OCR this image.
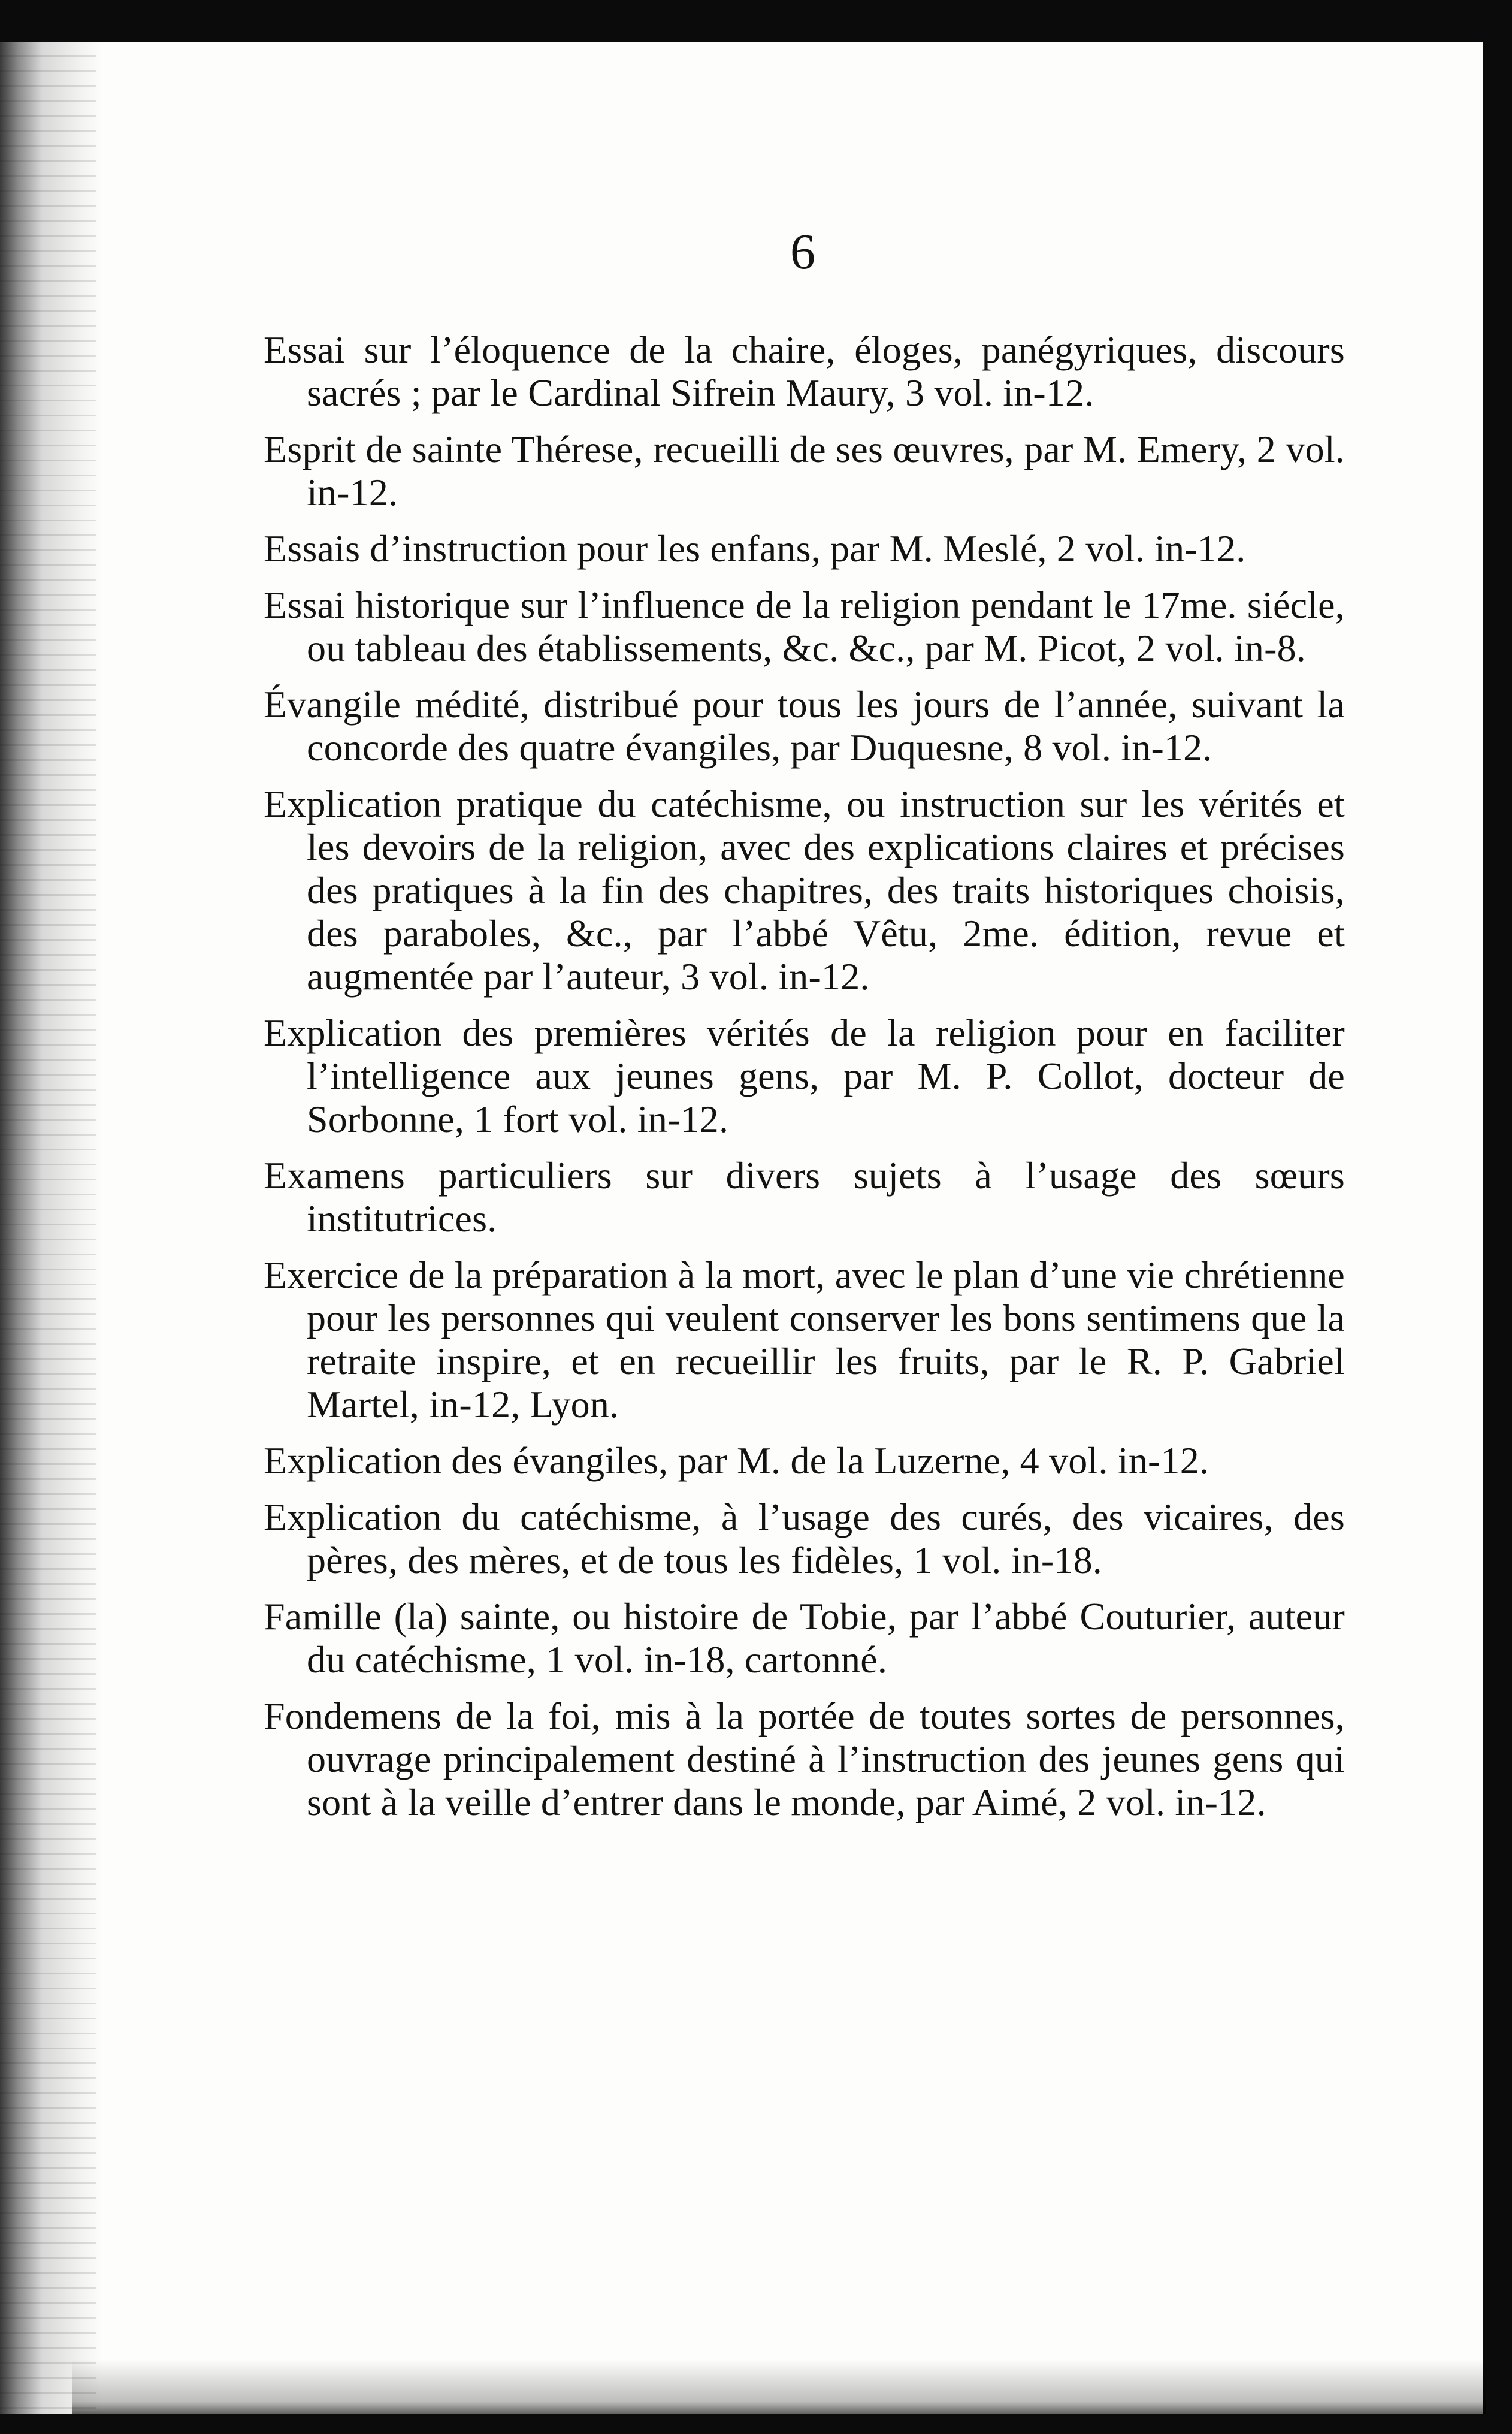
6

Essai sur l’éloquence de la chaire, éloges, panégyriques, discours sacrés ; par le Cardinal Sifrein Maury, 3 vol. in-12.

Esprit de sainte Thérese, recueilli de ses œuvres, par M. Emery, 2 vol. in-12.

Essais d’instruction pour les enfans, par M. Meslé, 2 vol. in-12.

Essai historique sur l’influence de la religion pendant le 17me. siécle, ou tableau des établissements, &c. &c., par M. Picot, 2 vol. in-8.

Évangile médité, distribué pour tous les jours de l’année, suivant la concorde des quatre évangiles, par Duquesne, 8 vol. in-12.

Explication pratique du catéchisme, ou instruction sur les vérités et les devoirs de la religion, avec des explications claires et précises des pratiques à la fin des chapitres, des traits historiques choisis, des paraboles, &c., par l’abbé Vêtu, 2me. édition, revue et augmentée par l’auteur, 3 vol. in-12.

Explication des premières vérités de la religion pour en faciliter l’intelligence aux jeunes gens, par M. P. Collot, docteur de Sorbonne, 1 fort vol. in-12.

Examens particuliers sur divers sujets à l’usage des sœurs institutrices.

Exercice de la préparation à la mort, avec le plan d’une vie chrétienne pour les personnes qui veulent conserver les bons sentimens que la retraite inspire, et en recueillir les fruits, par le R. P. Gabriel Martel, in-12, Lyon.

Explication des évangiles, par M. de la Luzerne, 4 vol. in-12.

Explication du catéchisme, à l’usage des curés, des vicaires, des pères, des mères, et de tous les fidèles, 1 vol. in-18.

Famille (la) sainte, ou histoire de Tobie, par l’abbé Couturier, auteur du catéchisme, 1 vol. in-18, cartonné.

Fondemens de la foi, mis à la portée de toutes sortes de personnes, ouvrage principalement destiné à l’instruction des jeunes gens qui sont à la veille d’entrer dans le monde, par Aimé, 2 vol. in-12.
